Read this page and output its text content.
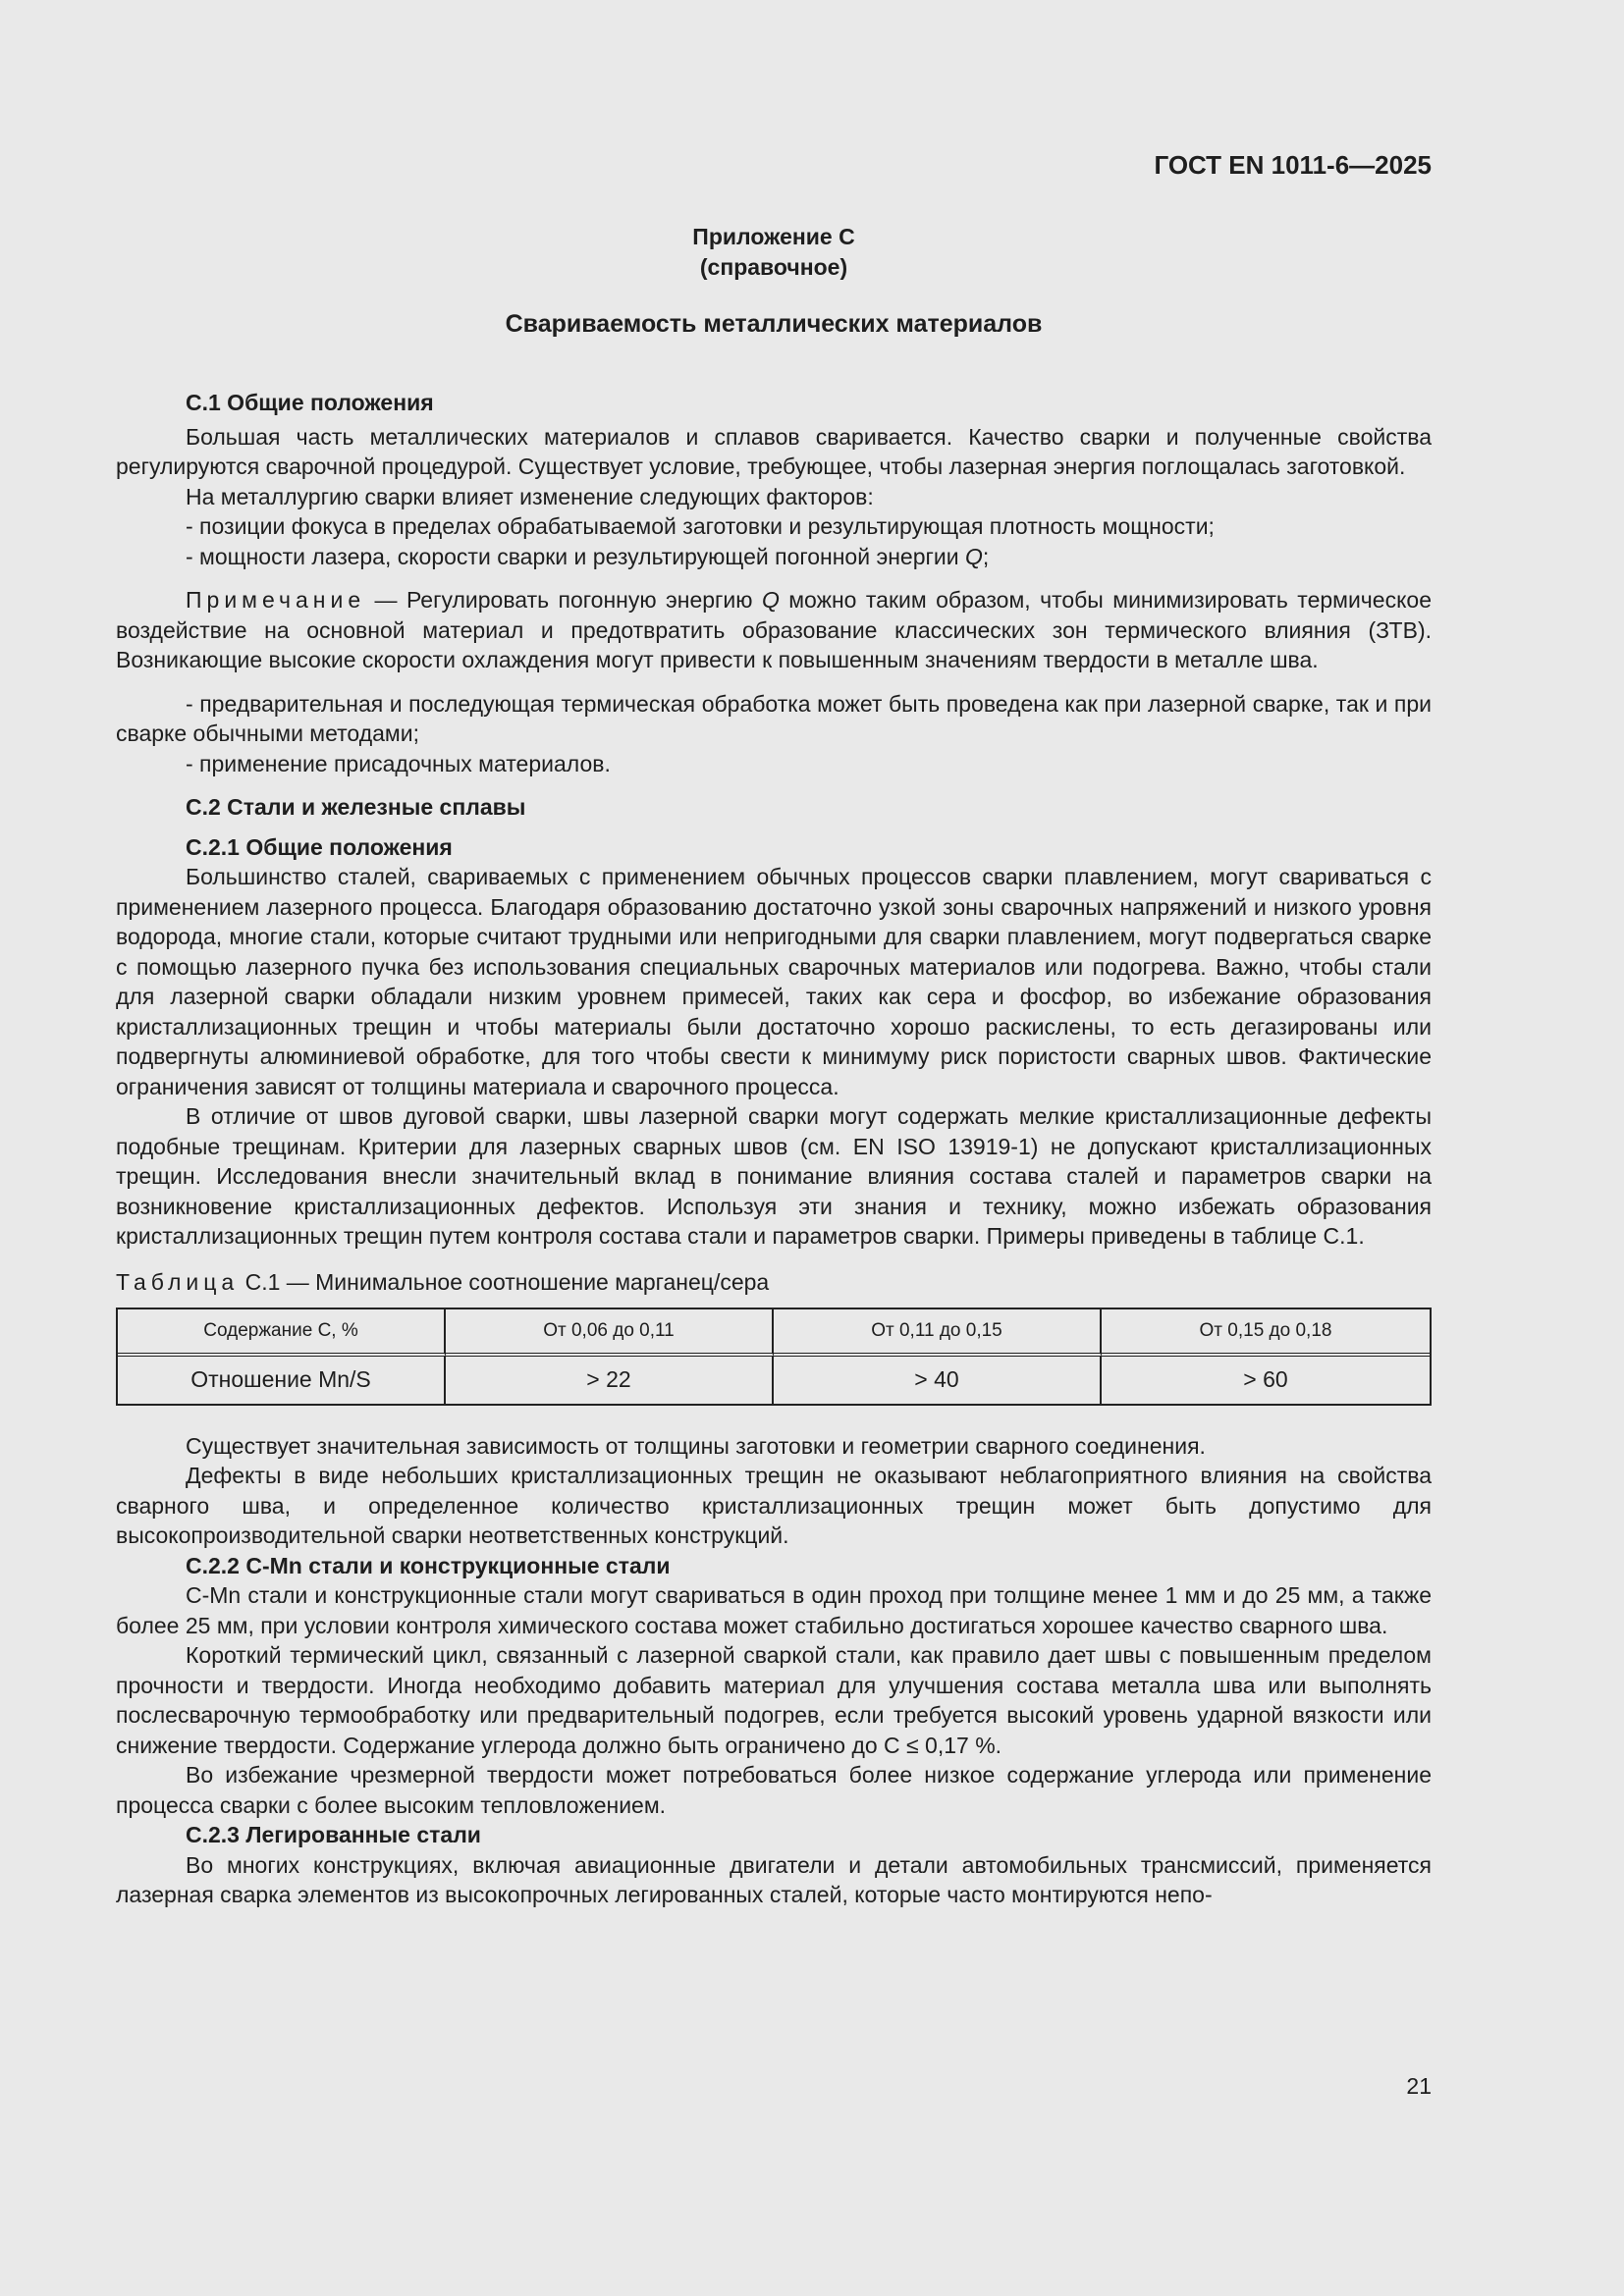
ГОСТ EN 1011-6—2025
Приложение С
(справочное)
Свариваемость металлических материалов

С.1 Общие положения

Большая часть металлических материалов и сплавов сваривается. Качество сварки и полученные свойства регулируются сварочной процедурой. Существует условие, требующее, чтобы лазерная энергия поглощалась заготовкой.

На металлургию сварки влияет изменение следующих факторов:

- позиции фокуса в пределах обрабатываемой заготовки и результирующая плотность мощности;

- мощности лазера, скорости сварки и результирующей погонной энергии Q;

Примечание — Регулировать погонную энергию Q можно таким образом, чтобы минимизировать термическое воздействие на основной материал и предотвратить образование классических зон термического влияния (ЗТВ). Возникающие высокие скорости охлаждения могут привести к повышенным значениям твердости в металле шва.

- предварительная и последующая термическая обработка может быть проведена как при лазерной сварке, так и при сварке обычными методами;

- применение присадочных материалов.

С.2 Стали и железные сплавы

С.2.1 Общие положения

Большинство сталей, свариваемых с применением обычных процессов сварки плавлением, могут свариваться с применением лазерного процесса. Благодаря образованию достаточно узкой зоны сварочных напряжений и низкого уровня водорода, многие стали, которые считают трудными или непригодными для сварки плавлением, могут подвергаться сварке с помощью лазерного пучка без использования специальных сварочных материалов или подогрева. Важно, чтобы стали для лазерной сварки обладали низким уровнем примесей, таких как сера и фосфор, во избежание образования кристаллизационных трещин и чтобы материалы были достаточно хорошо раскислены, то есть дегазированы или подвергнуты алюминиевой обработке, для того чтобы свести к минимуму риск пористости сварных швов. Фактические ограничения зависят от толщины материала и сварочного процесса.

В отличие от швов дуговой сварки, швы лазерной сварки могут содержать мелкие кристаллизационные дефекты подобные трещинам. Критерии для лазерных сварных швов (см. EN ISO 13919-1) не допускают кристаллизационных трещин. Исследования внесли значительный вклад в понимание влияния состава сталей и параметров сварки на возникновение кристаллизационных дефектов. Используя эти знания и технику, можно избежать образования кристаллизационных трещин путем контроля состава стали и параметров сварки. Примеры приведены в таблице С.1.

Таблица С.1 — Минимальное соотношение марганец/сера
Содержание С, %	От 0,06 до 0,11	От 0,11 до 0,15	От 0,15 до 0,18
Отношение Mn/S	> 22	> 40	> 60

Существует значительная зависимость от толщины заготовки и геометрии сварного соединения.

Дефекты в виде небольших кристаллизационных трещин не оказывают неблагоприятного влияния на свойства сварного шва, и определенное количество кристаллизационных трещин может быть допустимо для высокопроизводительной сварки неответственных конструкций.

С.2.2 С-Mn стали и конструкционные стали

С-Mn стали и конструкционные стали могут свариваться в один проход при толщине менее 1 мм и до 25 мм, а также более 25 мм, при условии контроля химического состава может стабильно достигаться хорошее качество сварного шва.

Короткий термический цикл, связанный с лазерной сваркой стали, как правило дает швы с повышенным пределом прочности и твердости. Иногда необходимо добавить материал для улучшения состава металла шва или выполнять послесварочную термообработку или предварительный подогрев, если требуется высокий уровень ударной вязкости или снижение твердости. Содержание углерода должно быть ограничено до С ≤ 0,17 %.

Во избежание чрезмерной твердости может потребоваться более низкое содержание углерода или применение процесса сварки с более высоким тепловложением.

С.2.3 Легированные стали

Во многих конструкциях, включая авиационные двигатели и детали автомобильных трансмиссий, применяется лазерная сварка элементов из высокопрочных легированных сталей, которые часто монтируются непо-

21
